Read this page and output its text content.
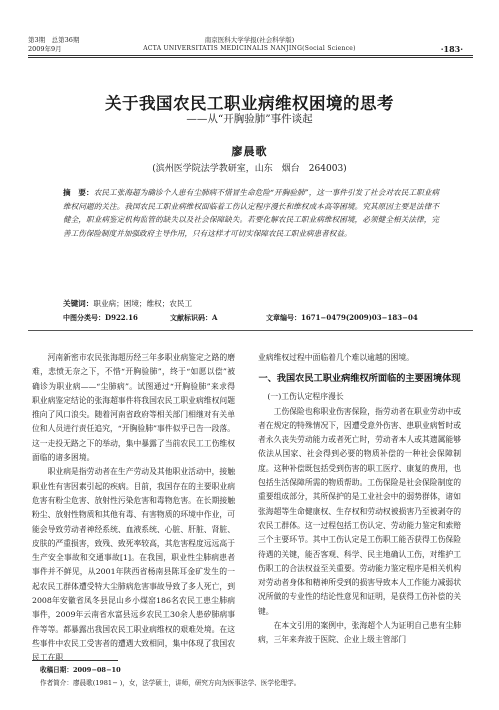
第3期　总第36期
2009年9月
南京医科大学学报(社会科学版)
ACTA UNIVERSITATIS MEDICINALIS NANJING(Social Science)	·183·
关于我国农民工职业病维权困境的思考
——从“开胸验肺”事件谈起
廖晨歌
(滨州医学院法学教研室，山东　烟台　264003)
摘　要：农民工张海超为确诊个人患有尘肺病不惜冒生命危险“开胸验肺”，这一事件引发了社会对农民工职业病维权问题的关注。我国农民工职业病维权面临着工伤认定程序漫长和维权成本高等困境。究其原因主要是法律不健全，职业病鉴定机构监管的缺失以及社会保障缺失。若要化解农民工职业病维权困境，必须健全相关法律，完善工伤保险制度并加强政府主导作用，只有这样才可切实保障农民工职业病患者权益。
关键词：职业病；困境；维权；农民工
中图分类号：D922.16	文献标识码：A	文章编号：1671−0479(2009)03−183−04

河南新密市农民张海超历经三年多职业病鉴定之路的磨难，悲愤无奈之下，不惜“开胸验肺”，终于“如愿以偿”被确诊为职业病——“尘肺病”。试图通过“开胸验肺”来求得职业病鉴定结论的张海超事件将我国农民工职业病维权问题推向了风口浪尖。随着河南省政府等相关部门相继对有关单位和人员进行责任追究，“开胸验肺”事件似乎已告一段落。这一走投无路之下的举动，集中暴露了当前农民工工伤维权面临的诸多困境。

职业病是指劳动者在生产劳动及其他职业活动中，接触职业性有害因素引起的疾病。目前，我国存在的主要职业病危害有粉尘危害、放射性污染危害和毒物危害。在长期接触粉尘、放射性物质和其他有毒、有害物质的环境中作业，可能会导致劳动者神经系统、血液系统、心脏、肝脏、肾脏、皮肤的严重损害，致残、致死率较高，其危害程度远远高于生产安全事故和交通事故[1]。在我国，职业性尘肺病患者事件并不鲜见，从2001年陕西省杨南县陈耳金矿发生的一起农民工群体遭受特大尘肺病危害事故导致了多人死亡，到2008年安徽省凤冬县昆山乡小煤窑186名农民工患尘肺病事件，2009年云南省水富县远乡农民工30余人患矽肺病事件等等。都暴露出我国农民工职业病维权的艰难处境。在这些事件中农民工受害者的遭遇大致相同，集中体现了我国农民工在职

业病维权过程中面临着几个难以逾越的困境。

一、我国农民工职业病维权所面临的主要困境体现

(一)工伤认定程序漫长

工伤保险也称职业伤害保险，指劳动者在职业劳动中或者在规定的特殊情况下，因遭受意外伤害、患职业病暂时或者永久丧失劳动能力或者死亡时，劳动者本人或其遗属能够依法从国家、社会得到必要的物质补偿的一种社会保障制度。这种补偿既包括受到伤害的职工医疗、康复的费用，也包括生活保障所需的物质帮助。工伤保险是社会保险制度的重要组成部分，其所保护的是工业社会中的弱势群体，诸如张海超等生命健康权、生存权和劳动权被损害乃至被剥夺的农民工群体。这一过程包括工伤认定、劳动能力鉴定和索赔三个主要环节。其中工伤认定是工伤职工能否获得工伤保险待遇的关键，能否客观、科学、民主地确认工伤，对维护工伤职工的合法权益至关重要。劳动能力鉴定程序是相关机构对劳动者身体和精神所受到的损害导致本人工作能力减弱状况所做的专业性的结论性意见和证明，是获得工伤补偿的关键。

在本文引用的案例中，张海超个人为证明自己患有尘肺病，三年来奔波于医院、企业上级主管部门

收稿日期：2009−08−10
作者简介：廖晨歌(1981− )，女，法学硕士，讲师，研究方向为医事法学、医学伦理学。
